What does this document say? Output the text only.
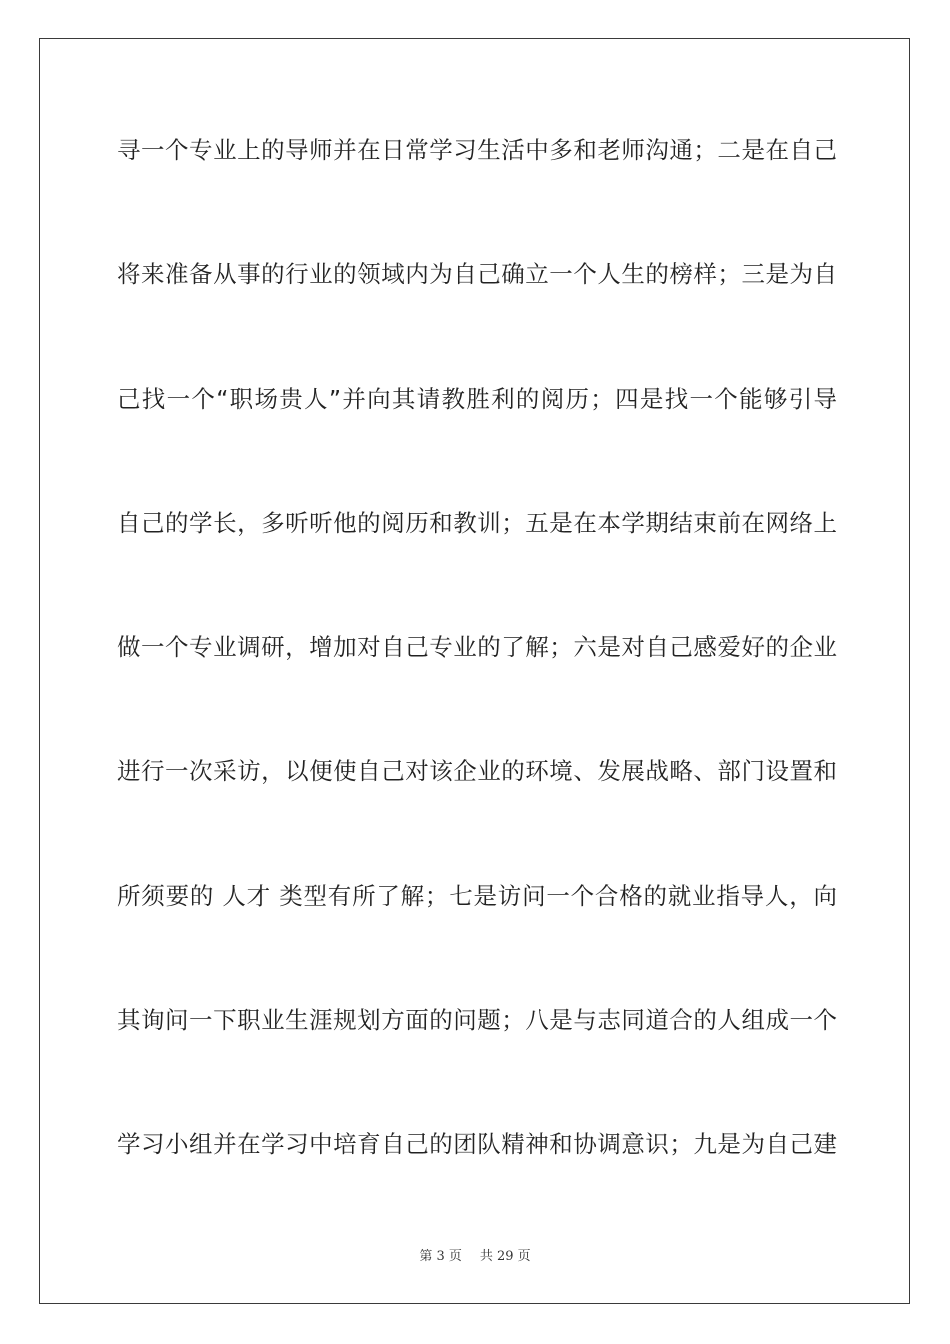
寻一个专业上的导师并在日常学习生活中多和老师沟通；二是在自己
将来准备从事的行业的领域内为自己确立一个人生的榜样；三是为自
己找一个“职场贵人”并向其请教胜利的阅历；四是找一个能够引导
自己的学长，多听听他的阅历和教训；五是在本学期结束前在网络上
做一个专业调研，增加对自己专业的了解；六是对自己感爱好的企业
进行一次采访，以便使自己对该企业的环境、发展战略、部门设置和
所须要的 人才 类型有所了解；七是访问一个合格的就业指导人，向
其询问一下职业生涯规划方面的问题；八是与志同道合的人组成一个
学习小组并在学习中培育自己的团队精神和协调意识；九是为自己建
第 3 页 共 29 页
